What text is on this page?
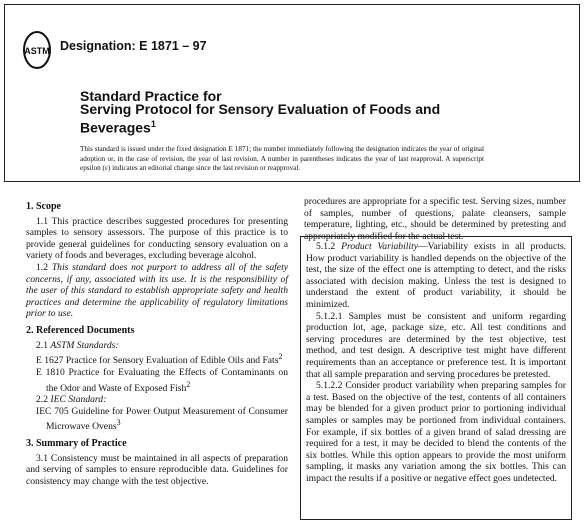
ASTM Designation: E 1871 – 97
Standard Practice for
Serving Protocol for Sensory Evaluation of Foods and Beverages$^1$
This standard is issued under the fixed designation E 1871; the number immediately following the designation indicates the year of original adoption or, in the case of revision, the year of last revision. A number in parentheses indicates the year of last reapproval. A superscript epsilon (ε) indicates an editorial change since the last revision or reapproval.

1. Scope

1.1 This practice describes suggested procedures for presenting samples to sensory assessors. The purpose of this practice is to provide general guidelines for conducting sensory evaluation on a variety of foods and beverages, excluding beverage alcohol.

1.2 This standard does not purport to address all of the safety concerns, if any, associated with its use. It is the responsibility of the user of this standard to establish appropriate safety and health practices and determine the applicability of regulatory limitations prior to use.

2. Referenced Documents

2.1 ASTM Standards:

E 1627 Practice for Sensory Evaluation of Edible Oils and Fats$^2$

E 1810 Practice for Evaluating the Effects of Contaminants on the Odor and Waste of Exposed Fish$^2$

2.2 IEC Standard:

IEC 705 Guideline for Power Output Measurement of Consumer Microwave Ovens$^3$

3. Summary of Practice

3.1 Consistency must be maintained in all aspects of preparation and serving of samples to ensure reproducible data. Guidelines for consistency may change with the test objective.

procedures are appropriate for a specific test. Serving sizes, number of samples, number of questions, palate cleansers, sample temperature, lighting, etc., should be determined by pretesting and appropriately modified for the actual test.

5.1.2 Product Variability—Variability exists in all products. How product variability is handled depends on the objective of the test, the size of the effect one is attempting to detect, and the risks associated with decision making. Unless the test is designed to understand the extent of product variability, it should be minimized.

5.1.2.1 Samples must be consistent and uniform regarding production lot, age, package size, etc. All test conditions and serving procedures are determined by the test objective, test method, and test design. A descriptive test might have different requirements than an acceptance or preference test. It is important that all sample preparation and serving procedures be pretested.

5.1.2.2 Consider product variability when preparing samples for a test. Based on the objective of the test, contents of all containers may be blended for a given product prior to portioning individual samples or samples may be portioned from individual containers. For example, if six bottles of a given brand of salad dressing are required for a test, it may be decided to blend the contents of the six bottles. While this option appears to provide the most uniform sampling, it masks any variation among the six bottles. This can impact the results if a positive or negative effect goes undetected.
